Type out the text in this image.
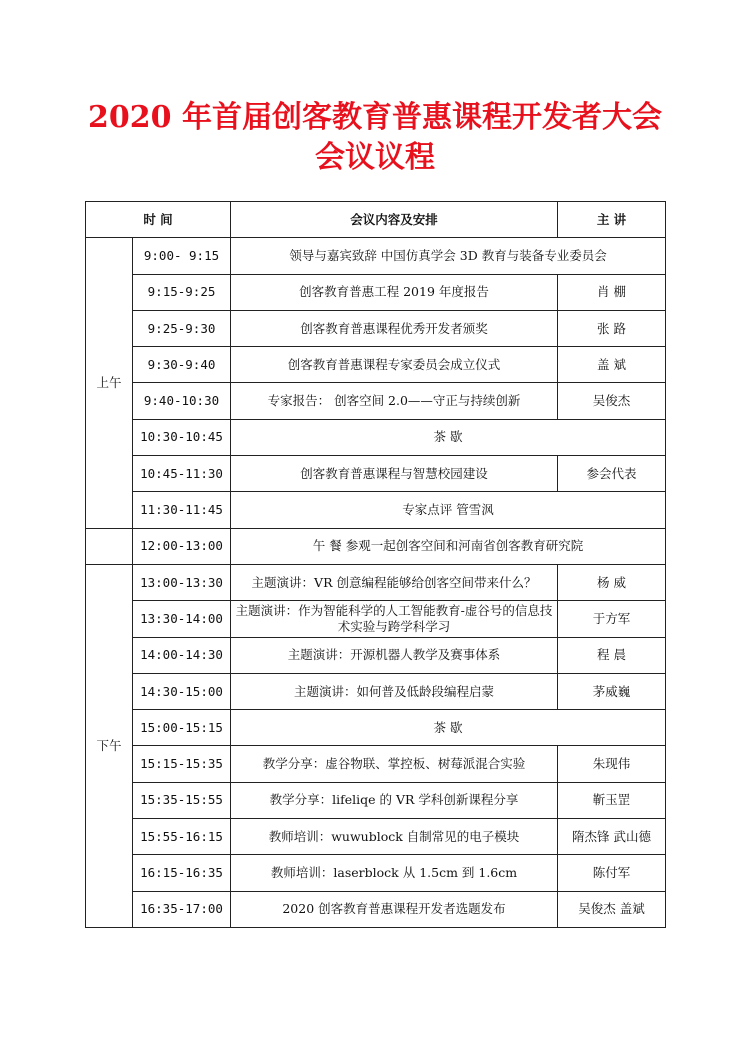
2020 年首届创客教育普惠课程开发者大会
会议议程
时 间		会议内容及安排	主 讲
上午	9:00- 9:15	领导与嘉宾致辞 中国仿真学会 3D 教育与装备专业委员会	
	9:15-9:25	创客教育普惠工程 2019 年度报告	肖 棚
	9:25-9:30	创客教育普惠课程优秀开发者颁奖	张 路
	9:30-9:40	创客教育普惠课程专家委员会成立仪式	盖 斌
	9:40-10:30	专家报告： 创客空间 2.0——守正与持续创新	吴俊杰
	10:30-10:45	茶 歇	
	10:45-11:30	创客教育普惠课程与智慧校园建设	参会代表
	11:30-11:45	专家点评 管雪沨	
	12:00-13:00	午 餐 参观一起创客空间和河南省创客教育研究院	
下午	13:00-13:30	主题演讲：VR 创意编程能够给创客空间带来什么？	杨 威
	13:30-14:00	主题演讲：作为智能科学的人工智能教育-虚谷号的信息技术实验与跨学科学习	于方军
	14:00-14:30	主题演讲：开源机器人教学及赛事体系	程 晨
	14:30-15:00	主题演讲：如何普及低龄段编程启蒙	茅威巍
	15:00-15:15	茶 歇	
	15:15-15:35	教学分享：虚谷物联、掌控板、树莓派混合实验	朱现伟
	15:35-15:55	教学分享：lifeliqe 的 VR 学科创新课程分享	靳玉罡
	15:55-16:15	教师培训：wuwublock 自制常见的电子模块	隋杰锋 武山德
	16:15-16:35	教师培训：laserblock 从 1.5cm 到 1.6cm	陈付军
	16:35-17:00	2020 创客教育普惠课程开发者选题发布	吴俊杰 盖斌
